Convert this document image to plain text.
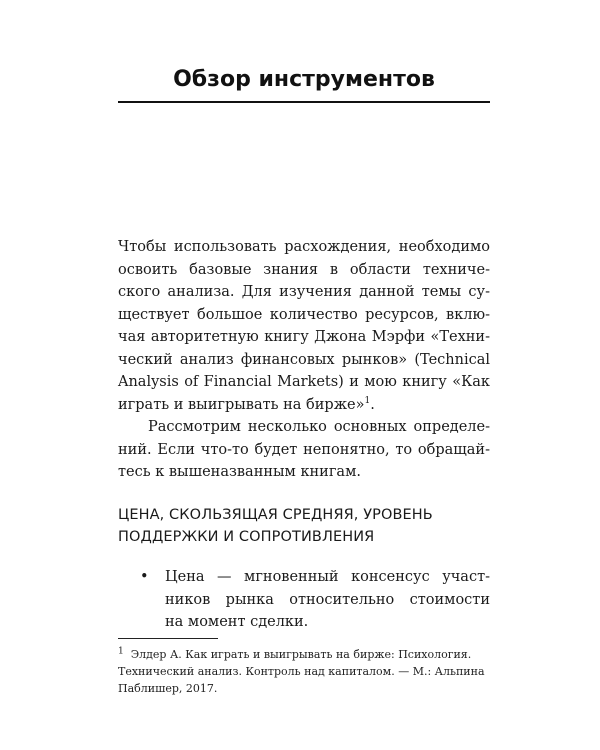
Обзор инструментов

Чтобы использовать расхождения, необходимо
освоить базовые знания в области техниче-
ского анализа. Для изучения данной темы су-
ществует большое количество ресурсов, вклю-
чая авторитетную книгу Джона Мэрфи «Техни-
ческий анализ финансовых рынков» (Technical
Analysis of Financial Markets) и мою книгу «Как
играть и выигрывать на бирже»$^1$.

Рассмотрим несколько основных определе-
ний. Если что-то будет непонятно, то обращай-
тесь к вышеназванным книгам.

ЦЕНА, СКОЛЬЗЯЩАЯ СРЕДНЯЯ, УРОВЕНЬ
ПОДДЕРЖКИ И СОПРОТИВЛЕНИЯ
• Цена — мгновенный консенсус участ-
ников рынка относительно стоимости
на момент сделки.
$^1$ Элдер А. Как играть и выигрывать на бирже: Психология.
Технический анализ. Контроль над капиталом. — М.: Альпина
Паблишер, 2017.
